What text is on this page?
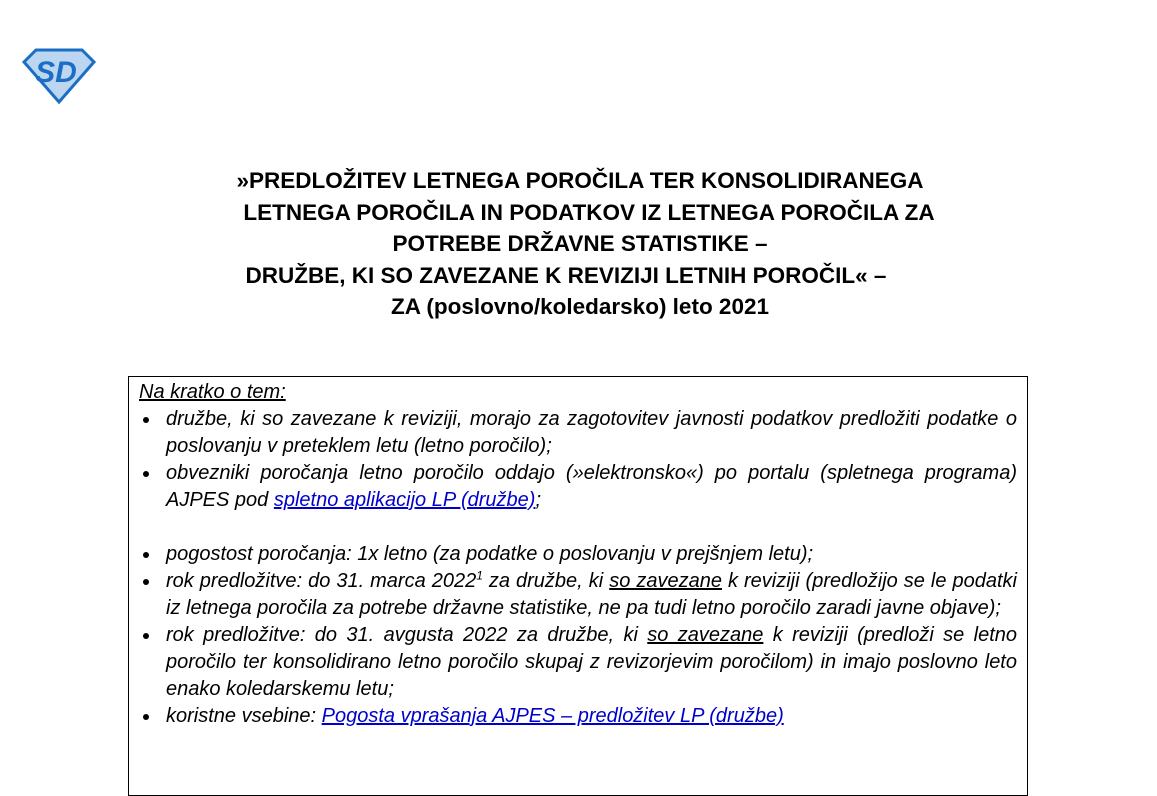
SD
»PREDLOŽITEV LETNEGA POROČILA TER KONSOLIDIRANEGA
LETNEGA POROČILA IN PODATKOV IZ LETNEGA POROČILA ZA
POTREBE DRŽAVNE STATISTIKE –
DRUŽBE, KI SO ZAVEZANE K REVIZIJI LETNIH POROČIL« –
ZA (poslovno/koledarsko) leto 2021
Na kratko o tem:
družbe, ki so zavezane k reviziji, morajo za zagotovitev javnosti podatkov predložiti podatke o poslovanju v preteklem letu (letno poročilo);
obvezniki poročanja letno poročilo oddajo (»elektronsko«) po portalu (spletnega programa) AJPES pod spletno aplikacijo LP (družbe);

pogostost poročanja: 1x letno (za podatke o poslovanju v prejšnjem letu);
rok predložitve: do 31. marca 2022$^1$ za družbe, ki so zavezane k reviziji (predložijo se le podatki iz letnega poročila za potrebe državne statistike, ne pa tudi letno poročilo zaradi javne objave);
rok predložitve: do 31. avgusta 2022 za družbe, ki so zavezane k reviziji (predloži se letno poročilo ter konsolidirano letno poročilo skupaj z revizorjevim poročilom) in imajo poslovno leto enako koledarskemu letu;
koristne vsebine: Pogosta vprašanja AJPES – predložitev LP (družbe)
